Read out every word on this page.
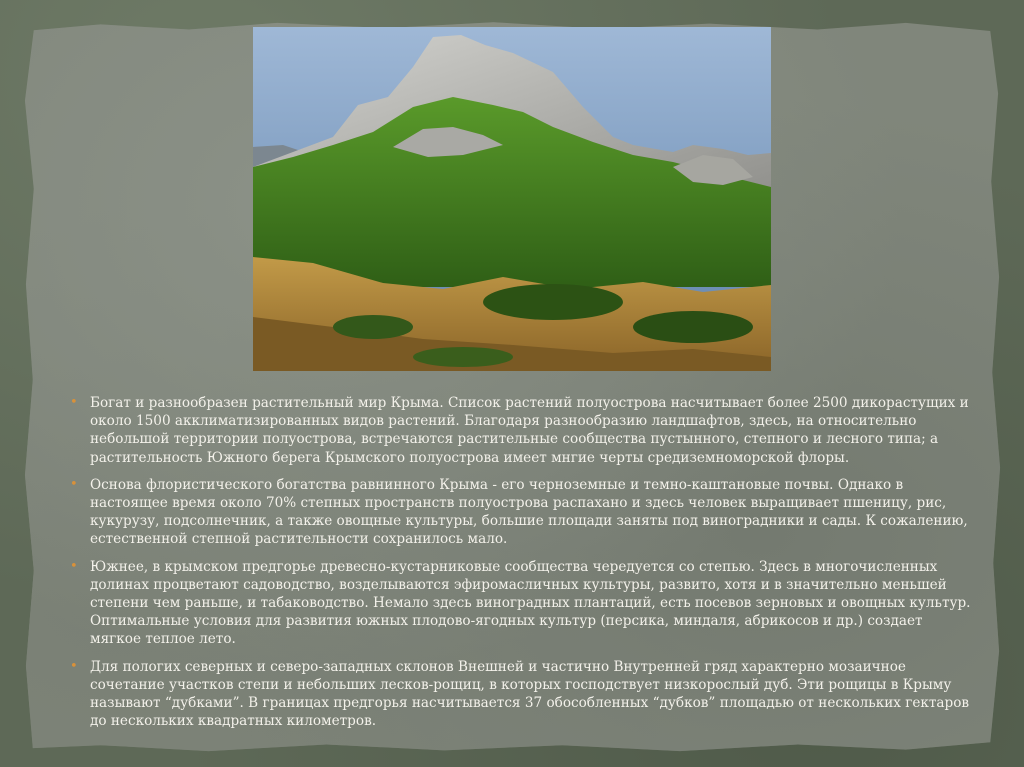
• Богат и разнообразен растительный мир Крыма. Список растений полуострова насчитывает более 2500 дикорастущих и около 1500 акклиматизированных видов растений. Благодаря разнообразию ландшафтов, здесь, на относительно небольшой территории полуострова, встречаются растительные сообщества пустынного, степного и лесного типа; а растительность Южного берега Крымского полуострова имеет мнгие черты средиземноморской флоры.
• Основа флористического богатства равнинного Крыма - его черноземные и темно-каштановые почвы. Однако в настоящее время около 70% степных пространств полуострова распахано и здесь человек выращивает пшеницу, рис, кукурузу, подсолнечник, а также овощные культуры, большие площади заняты под виноградники и сады. К сожалению, естественной степной растительности сохранилось мало.
• Южнее, в крымском предгорье древесно-кустарниковые сообщества чередуется со степью. Здесь в многочисленных долинах процветают садоводство, возделываются эфиромасличных культуры, развито, хотя и в значительно меньшей степени чем раньше, и табаководство. Немало здесь виноградных плантаций, есть посевов зерновых и овощных культур. Оптимальные условия для развития южных плодово-ягодных культур (персика, миндаля, абрикосов и др.) создает мягкое теплое лето.
• Для пологих северных и северо-западных склонов Внешней и частично Внутренней гряд характерно мозаичное сочетание участков степи и небольших лесков-рощиц, в которых господствует низкорослый дуб. Эти рощицы в Крыму называют “дубками”. В границах предгорья насчитывается 37 обособленных “дубков” площадью от нескольких гектаров до нескольких квадратных километров.
